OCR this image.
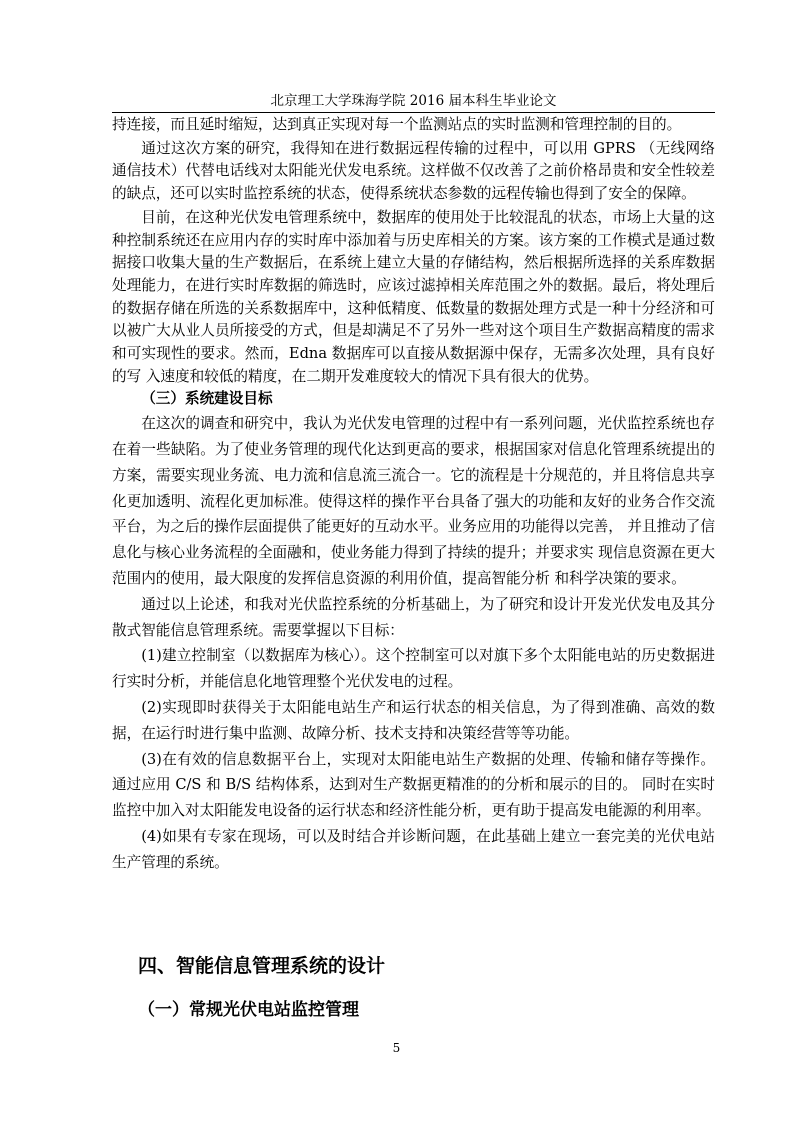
北京理工大学珠海学院 2016 届本科生毕业论文

持连接，而且延时缩短，达到真正实现对每一个监测站点的实时监测和管理控制的目的。

通过这次方案的研究，我得知在进行数据远程传输的过程中，可以用 GPRS （无线网络通信技术）代替电话线对太阳能光伏发电系统。这样做不仅改善了之前价格昂贵和安全性较差的缺点，还可以实时监控系统的状态，使得系统状态参数的远程传输也得到了安全的保障。

目前，在这种光伏发电管理系统中，数据库的使用处于比较混乱的状态，市场上大量的这种控制系统还在应用内存的实时库中添加着与历史库相关的方案。该方案的工作模式是通过数据接口收集大量的生产数据后，在系统上建立大量的存储结构，然后根据所选择的关系库数据处理能力，在进行实时库数据的筛选时，应该过滤掉相关库范围之外的数据。最后，将处理后的数据存储在所选的关系数据库中，这种低精度、低数量的数据处理方式是一种十分经济和可以被广大从业人员所接受的方式，但是却满足不了另外一些对这个项目生产数据高精度的需求和可实现性的要求。然而，Edna 数据库可以直接从数据源中保存，无需多次处理，具有良好的写 入速度和较低的精度，在二期开发难度较大的情况下具有很大的优势。

（三）系统建设目标

在这次的调查和研究中，我认为光伏发电管理的过程中有一系列问题，光伏监控系统也存在着一些缺陷。为了使业务管理的现代化达到更高的要求，根据国家对信息化管理系统提出的方案，需要实现业务流、电力流和信息流三流合一。它的流程是十分规范的，并且将信息共享化更加透明、流程化更加标准。使得这样的操作平台具备了强大的功能和友好的业务合作交流平台，为之后的操作层面提供了能更好的互动水平。业务应用的功能得以完善， 并且推动了信息化与核心业务流程的全面融和，使业务能力得到了持续的提升；并要求实 现信息资源在更大范围内的使用，最大限度的发挥信息资源的利用价值，提高智能分析 和科学决策的要求。

通过以上论述，和我对光伏监控系统的分析基础上，为了研究和设计开发光伏发电及其分散式智能信息管理系统。需要掌握以下目标：

(1)建立控制室（以数据库为核心）。这个控制室可以对旗下多个太阳能电站的历史数据进行实时分析，并能信息化地管理整个光伏发电的过程。

(2)实现即时获得关于太阳能电站生产和运行状态的相关信息，为了得到准确、高效的数据，在运行时进行集中监测、故障分析、技术支持和决策经营等等功能。

(3)在有效的信息数据平台上，实现对太阳能电站生产数据的处理、传输和储存等操作。通过应用 C/S 和 B/S 结构体系，达到对生产数据更精准的的分析和展示的目的。 同时在实时监控中加入对太阳能发电设备的运行状态和经济性能分析，更有助于提高发电能源的利用率。

(4)如果有专家在现场，可以及时结合并诊断问题，在此基础上建立一套完美的光伏电站生产管理的系统。

四、智能信息管理系统的设计
（一）常规光伏电站监控管理
5
